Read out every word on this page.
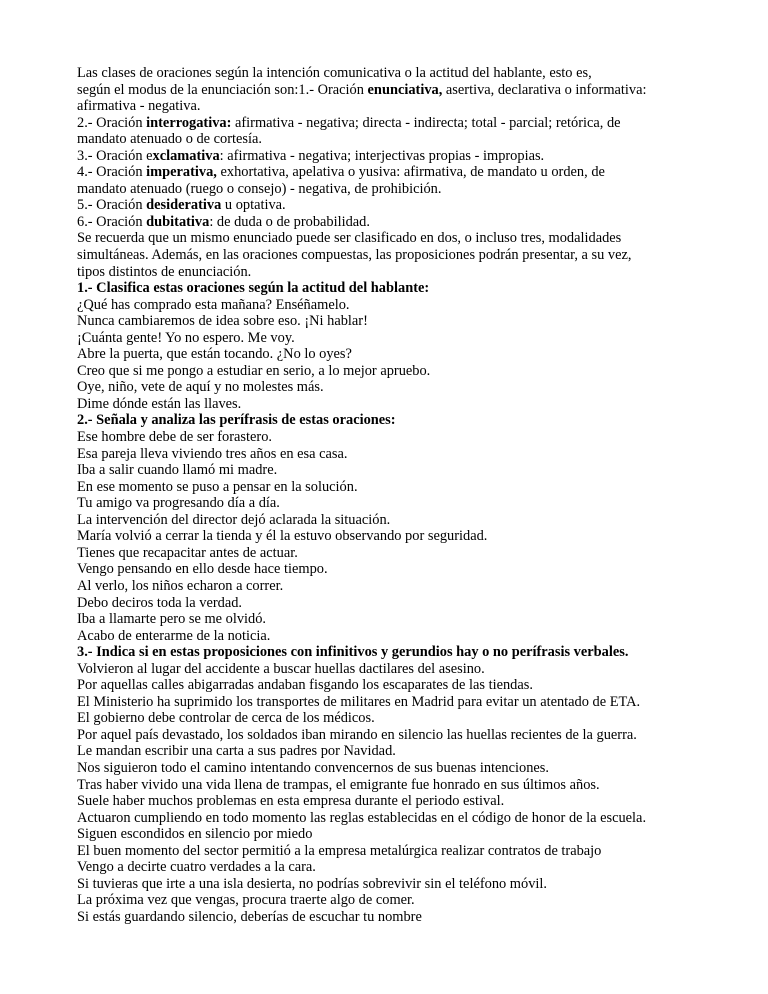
Las clases de oraciones según la intención comunicativa o la actitud del hablante, esto es,
según el modus de la enunciación son:1.- Oración enunciativa, asertiva, declarativa o informativa:
afirmativa - negativa.
2.- Oración interrogativa: afirmativa - negativa; directa - indirecta; total - parcial; retórica, de
mandato atenuado o de cortesía.
3.- Oración exclamativa: afirmativa - negativa; interjectivas propias - impropias.
4.- Oración imperativa, exhortativa, apelativa o yusiva: afirmativa, de mandato u orden, de
mandato atenuado (ruego o consejo) - negativa, de prohibición.
5.- Oración desiderativa u optativa.
6.- Oración dubitativa: de duda o de probabilidad.
Se recuerda que un mismo enunciado puede ser clasificado en dos, o incluso tres, modalidades
simultáneas. Además, en las oraciones compuestas, las proposiciones podrán presentar, a su vez,
tipos distintos de enunciación.
1.- Clasifica estas oraciones según la actitud del hablante:
¿Qué has comprado esta mañana? Enséñamelo.
Nunca cambiaremos de idea sobre eso. ¡Ni hablar!
¡Cuánta gente! Yo no espero. Me voy.
Abre la puerta, que están tocando. ¿No lo oyes?
Creo que si me pongo a estudiar en serio, a lo mejor apruebo.
Oye, niño, vete de aquí y no molestes más.
Dime dónde están las llaves.
2.- Señala y analiza las perífrasis de estas oraciones:
Ese hombre debe de ser forastero.
Esa pareja lleva viviendo tres años en esa casa.
Iba a salir cuando llamó mi madre.
En ese momento se puso a pensar en la solución.
Tu amigo va progresando día a día.
La intervención del director dejó aclarada la situación.
María volvió a cerrar la tienda y él la estuvo observando por seguridad.
Tienes que recapacitar antes de actuar.
Vengo pensando en ello desde hace tiempo.
Al verlo, los niños echaron a correr.
Debo deciros toda la verdad.
Iba a llamarte pero se me olvidó.
Acabo de enterarme de la noticia.
3.- Indica si en estas proposiciones con infinitivos y gerundios hay o no perífrasis verbales.
Volvieron al lugar del accidente a buscar huellas dactilares del asesino.
Por aquellas calles abigarradas andaban fisgando los escaparates de las tiendas.
El Ministerio ha suprimido los transportes de militares en Madrid para evitar un atentado de ETA.
El gobierno debe controlar de cerca de los médicos.
Por aquel país devastado, los soldados iban mirando en silencio las huellas recientes de la guerra.
Le mandan escribir una carta a sus padres por Navidad.
Nos siguieron todo el camino intentando convencernos de sus buenas intenciones.
Tras haber vivido una vida llena de trampas, el emigrante fue honrado en sus últimos años.
Suele haber muchos problemas en esta empresa durante el periodo estival.
Actuaron cumpliendo en todo momento las reglas establecidas en el código de honor de la escuela.
Siguen escondidos en silencio por miedo
El buen momento del sector permitió a la empresa metalúrgica realizar contratos de trabajo
Vengo a decirte cuatro verdades a la cara.
Si tuvieras que irte a una isla desierta, no podrías sobrevivir sin el teléfono móvil.
La próxima vez que vengas, procura traerte algo de comer.
Si estás guardando silencio, deberías de escuchar tu nombre
